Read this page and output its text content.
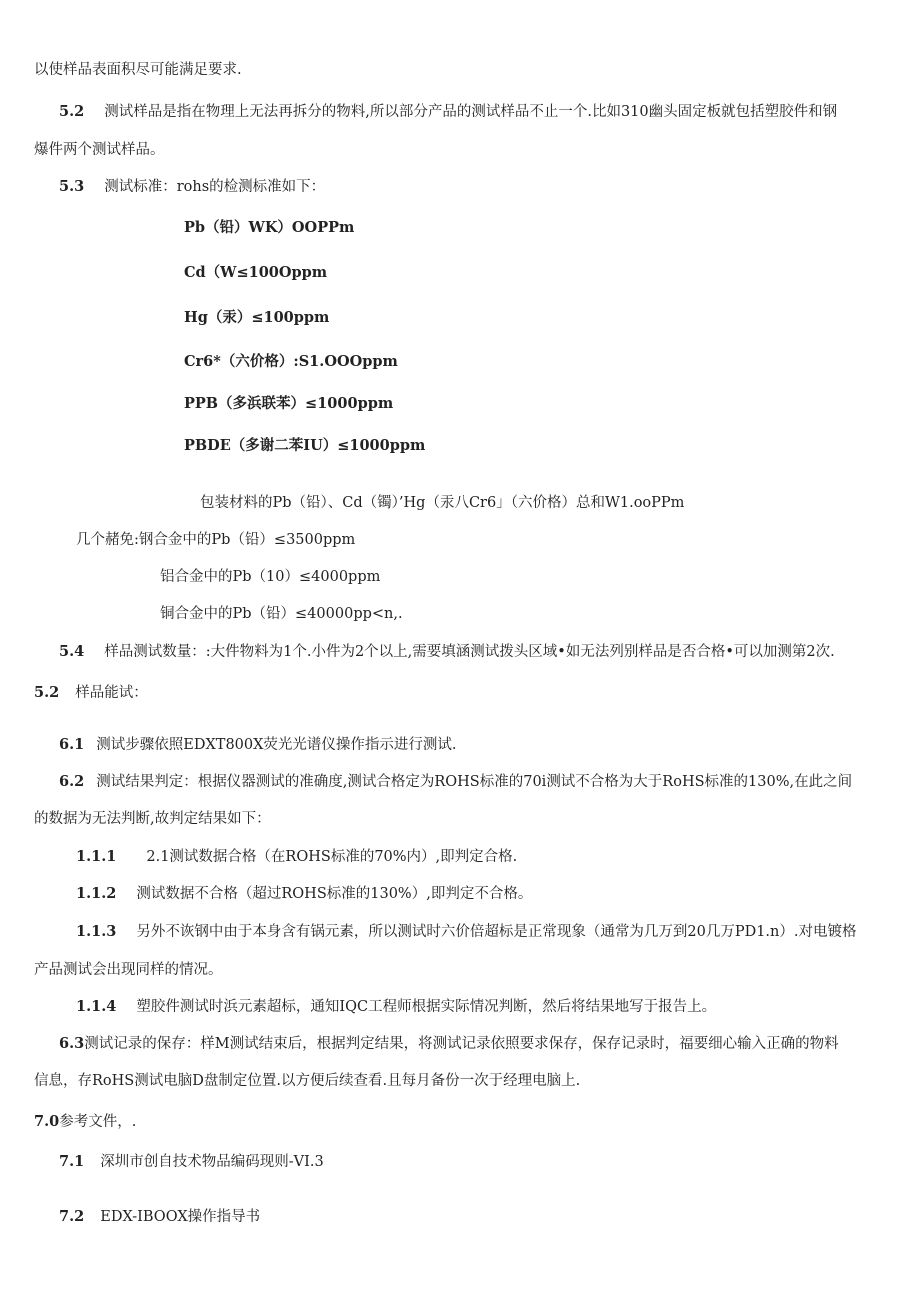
以使样品表面积尽可能满足要求.
5.2 测试样品是指在物理上无法再拆分的物料,所以部分产品的测试样品不止一个.比如310幽头固定板就包括塑胶件和钢
爆件两个测试样品。
5.3 测试标准：rohs的检测标准如下：
Pb（铅）WK）OOPPm
Cd（W≤100Oppm
Hg（汞）≤100ppm
Cr6*（六价格）:S1.OOOppm
PPB（多浜联苯）≤1000ppm
PBDE（多谢二苯IU）≤1000ppm
包装材料的Pb（铅）、Cd（镯）’Hg（汞八Cr6」（六价格）总和W1.ooPPm
几个赭免:钢合金中的Pb（铅）≤3500ppm
铝合金中的Pb（10）≤4000ppm
铜合金中的Pb（铅）≤40000pp<n,.
5.4 样品测试数量：:大件物料为1个.小件为2个以上,需要填涵测试拨头区域•如无法列别样品是否合格•可以加测第2次.
5.2 样品能试：
6.1 测试步骤依照EDXT800X荧光光谱仪操作指示进行测试.
6.2 测试结果判定：根据仪器测试的准确度,测试合格定为ROHS标准的70i测试不合格为大于RoHS标准的130%,在此之间
的数据为无法判断,故判定结果如下：
1.1.1 2.1测试数据合格（在ROHS标准的70%内）,即判定合格.
1.1.2 测试数据不合格（超过ROHS标准的130%）,即判定不合格。
1.1.3 另外不诙钢中由于本身含有锅元素，所以测试时六价倍超标是正常现象（通常为几万到20几万PD1.n）.对电镀格
产品测试会出现同样的情况。
1.1.4 塑胶件测试时浜元素超标，通知IQC工程师根据实际情况判断，然后将结果地写于报告上。
6.3测试记录的保存：样M测试结束后，根据判定结果，将测试记录依照要求保存，保存记录时，福要细心输入正确的物料
信息，存RoHS测试电脑D盘制定位置.以方便后续查看.且每月备份一次于经理电脑上.
7.0参考文件，.
7.1 深圳市创自技术物品编码现则-VI.3
7.2 EDX-IBOOX操作指导书
